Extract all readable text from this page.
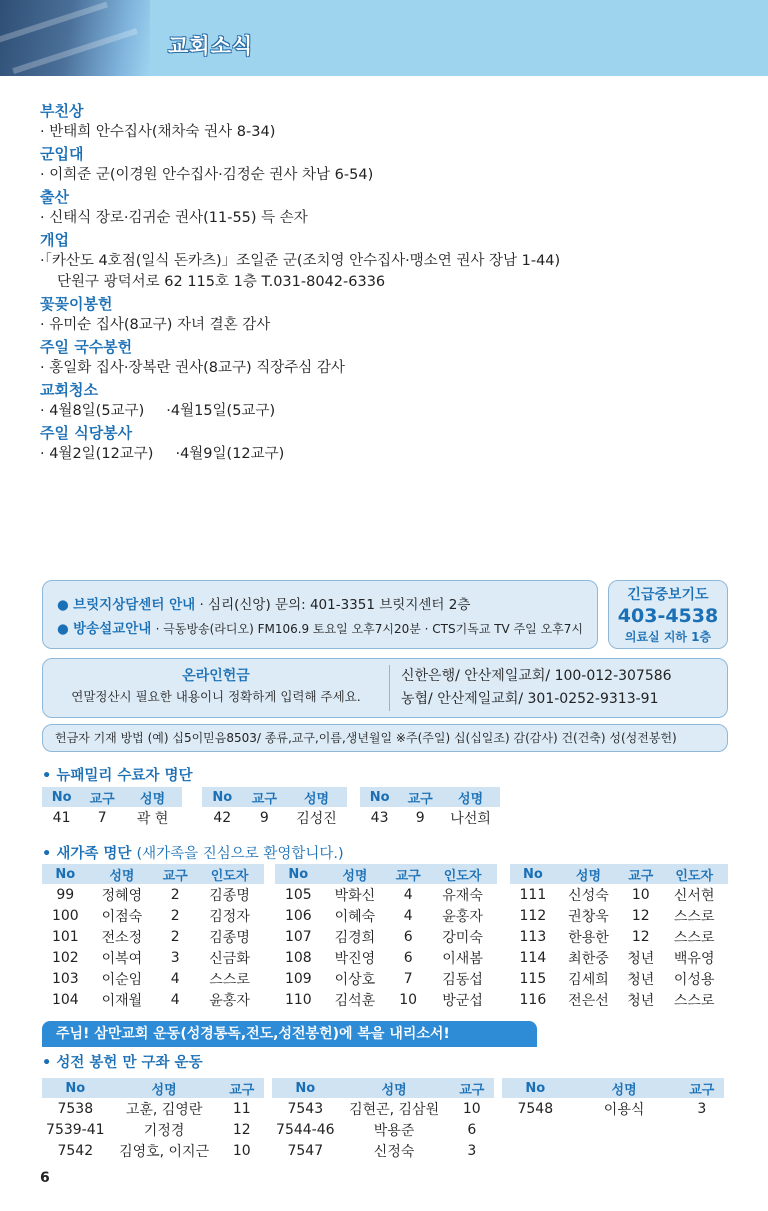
교회소식
부친상

· 반태희 안수집사(채차숙 권사 8-34)

군입대

· 이희준 군(이경원 안수집사·김정순 권사 차남 6-54)

출산

· 신태식 장로·김귀순 권사(11-55) 득 손자

개업

·「카산도 4호점(일식 돈카츠)」조일준 군(조치영 안수집사·맹소연 권사 장남 1-44)

단원구 광덕서로 62 115호 1층 T.031-8042-6336

꽃꽂이봉헌

· 유미순 집사(8교구) 자녀 결혼 감사

주일 국수봉헌

· 홍일화 집사·장복란 권사(8교구) 직장주심 감사

교회청소

· 4월8일(5교구) ·4월15일(5교구)

주일 식당봉사

· 4월2일(12교구) ·4월9일(12교구)

● 브릿지상담센터 안내 · 심리(신앙) 문의: 401-3351 브릿지센터 2층
● 방송설교안내 · 극동방송(라디오) FM106.9 토요일 오후7시20분 · CTS기독교 TV 주일 오후7시
긴급중보기도
403-4538
의료실 지하 1층
온라인헌금
연말정산시 필요한 내용이니 정확하게 입력해 주세요.
신한은행/ 안산제일교회/ 100-012-307586
농협/ 안산제일교회/ 301-0252-9313-91
헌금자 기재 방법 (예) 십5이믿음8503/ 종류,교구,이름,생년월일 ※주(주일) 십(십일조) 감(감사) 건(건축) 성(성전봉헌)
• 뉴패밀리 수료자 명단
No	교구	성명
41	7	곽 현
No	교구	성명
42	9	김성진
No	교구	성명
43	9	나선희
• 새가족 명단 (새가족을 진심으로 환영합니다.)
No	성명	교구	인도자
99	정혜영	2	김종명
100	이점숙	2	김정자
101	전소정	2	김종명
102	이복여	3	신금화
103	이순임	4	스스로
104	이재월	4	윤홍자
No	성명	교구	인도자
105	박화신	4	유재숙
106	이혜숙	4	윤홍자
107	김경희	6	강미숙
108	박진영	6	이새봄
109	이상호	7	김동섭
110	김석훈	10	방군섭
No	성명	교구	인도자
111	신성숙	10	신서현
112	권창욱	12	스스로
113	한용한	12	스스로
114	최한중	청년	백유영
115	김세희	청년	이성용
116	전은선	청년	스스로
주님! 삼만교회 운동(성경통독,전도,성전봉헌)에 복을 내리소서!
• 성전 봉헌 만 구좌 운동
No	성명	교구
7538	고훈, 김영란	11
7539-41	기정경	12
7542	김영호, 이지근	10
No	성명	교구
7543	김현곤, 김삼원	10
7544-46	박용준	6
7547	신정숙	3
No	성명	교구
7548	이용식	3
6
